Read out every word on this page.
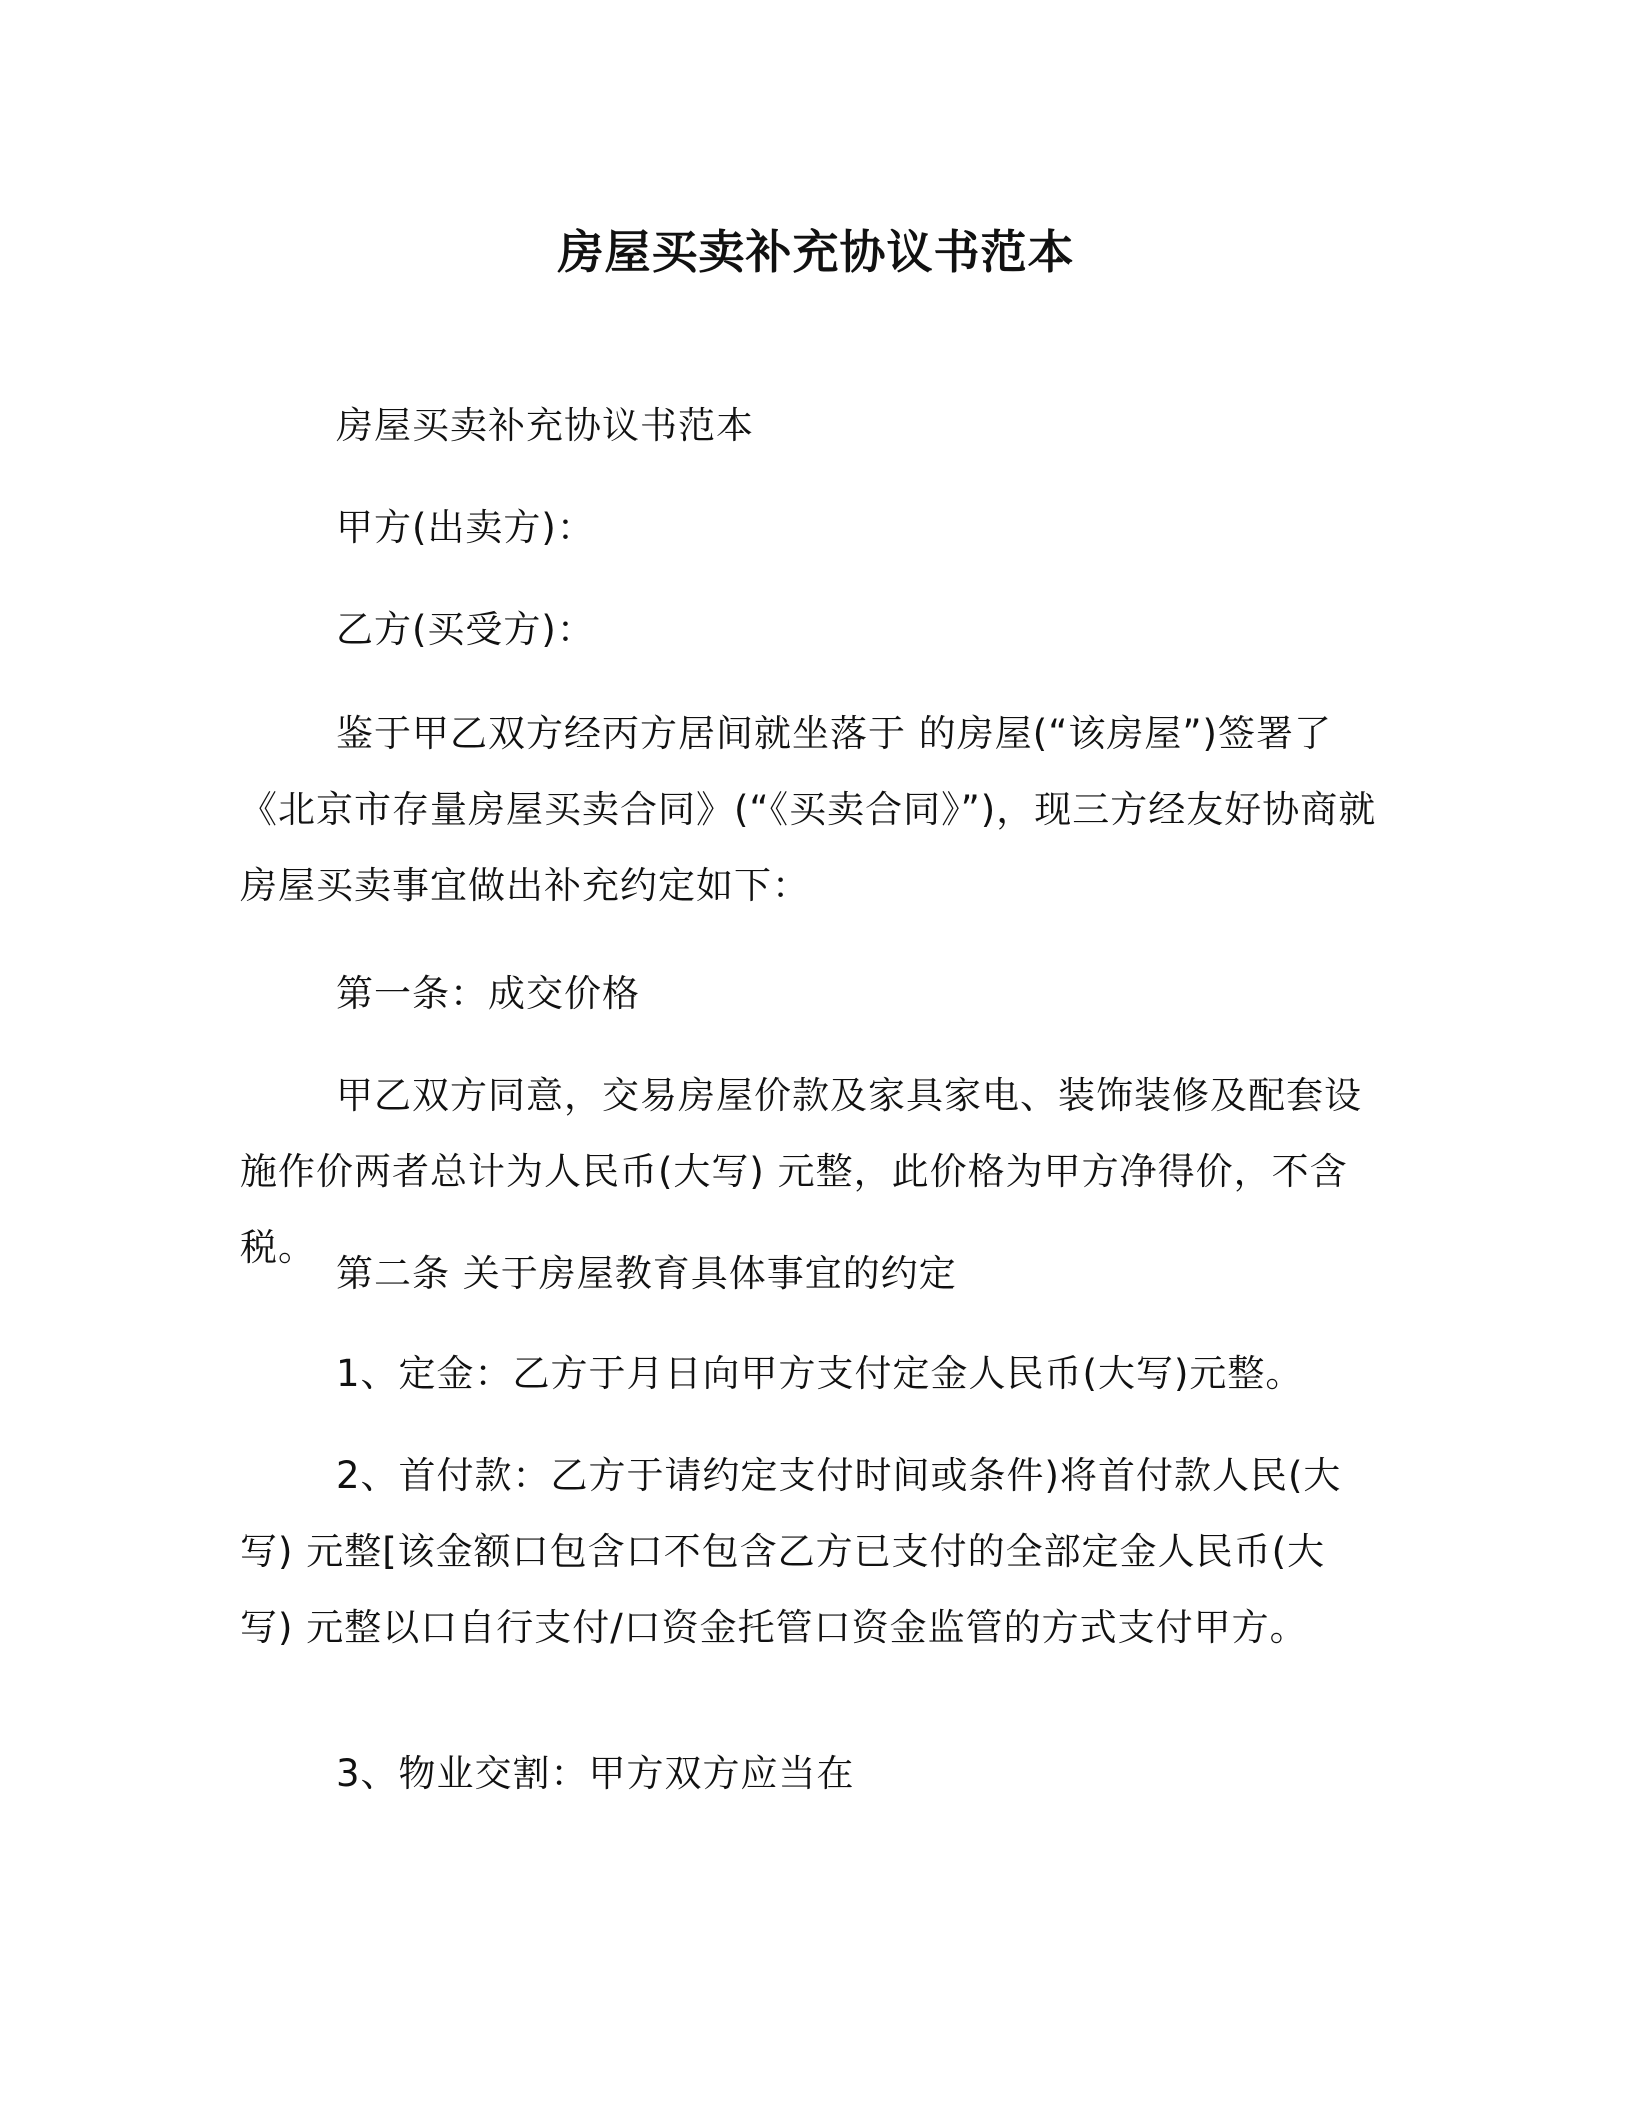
房屋买卖补充协议书范本
房屋买卖补充协议书范本
甲方(出卖方)：
乙方(买受方)：
鉴于甲乙双方经丙方居间就坐落于 的房屋(“该房屋”)签署了《北京市存量房屋买卖合同》(“《买卖合同》”)，现三方经友好协商就房屋买卖事宜做出补充约定如下：
第一条：成交价格
甲乙双方同意，交易房屋价款及家具家电、装饰装修及配套设施作价两者总计为人民币(大写) 元整，此价格为甲方净得价，不含税。
第二条 关于房屋教育具体事宜的约定
1、定金：乙方于月日向甲方支付定金人民币(大写)元整。
2、首付款：乙方于请约定支付时间或条件)将首付款人民(大 写) 元整[该金额口包含口不包含乙方已支付的全部定金人民币(大 写) 元整以口自行支付/口资金托管口资金监管的方式支付甲方。
3、物业交割：甲方双方应当在
